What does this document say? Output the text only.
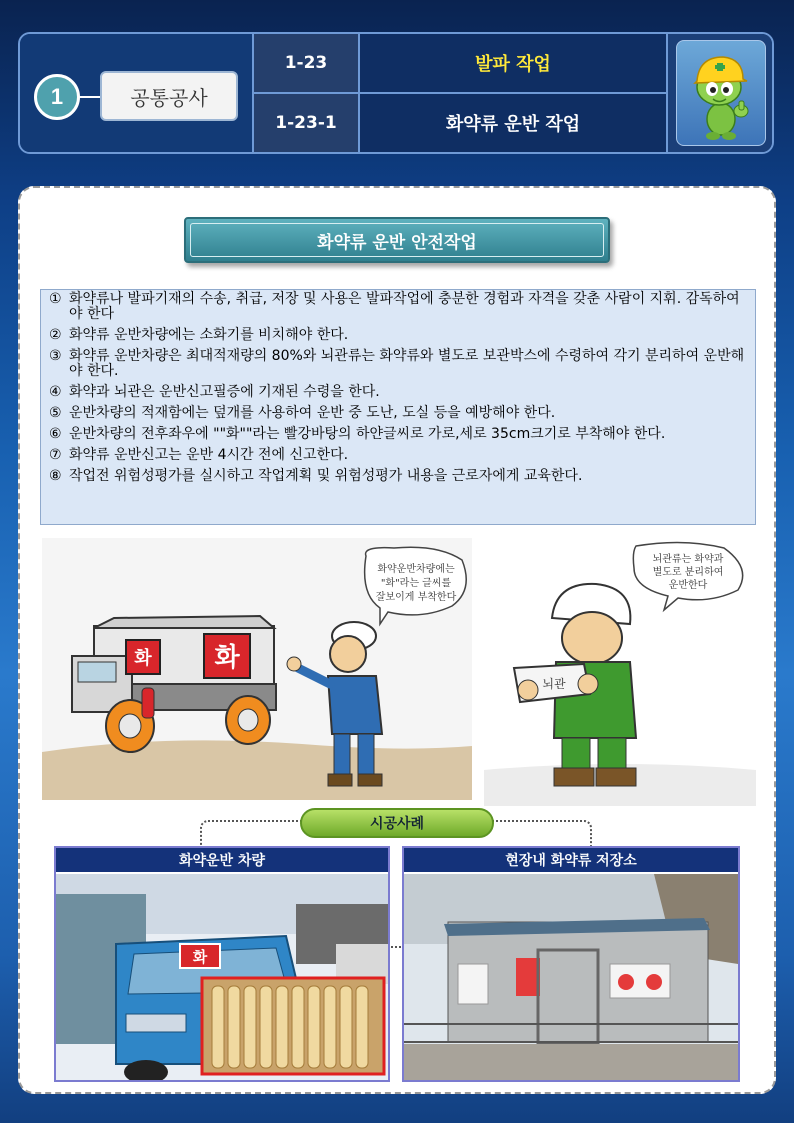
1	공통공사
1-23
1-23-1
발파 작업
화약류 운반 작업
화약류 운반 안전작업
① 화약류나 발파기재의 수송, 취급, 저장 및 사용은 발파작업에 충분한 경험과 자격을 갖춘 사람이 지휘. 감독하여야 한다
② 화약류 운반차량에는 소화기를 비치해야 한다.
③ 화약류 운반차량은 최대적재량의 80%와 뇌관류는 화약류와 별도로 보관박스에 수령하여 각기 분리하여 운반해야 한다.
④ 화약과 뇌관은 운반신고필증에 기재된 수령을 한다.
⑤ 운반차량의 적재함에는 덮개를 사용하여 운반 중 도난, 도실 등을 예방해야 한다.
⑥ 운반차량의 전후좌우에 ""화""라는 빨강바탕의 하얀글씨로 가로,세로 35cm크기로 부착해야 한다.
⑦ 화약류 운반신고는 운반 4시간 전에 신고한다.
⑧ 작업전 위험성평가를 실시하고 작업계획 및 위험성평가 내용을 근로자에게 교육한다.
화 화
화약운반차량에는
"화"라는 글씨를
잘보이게 부착한다
뇌관류는 화약과
별도로 분리하여
운반한다
뇌관
시공사례
화약운반 차량
화
현장내 화약류 저장소
